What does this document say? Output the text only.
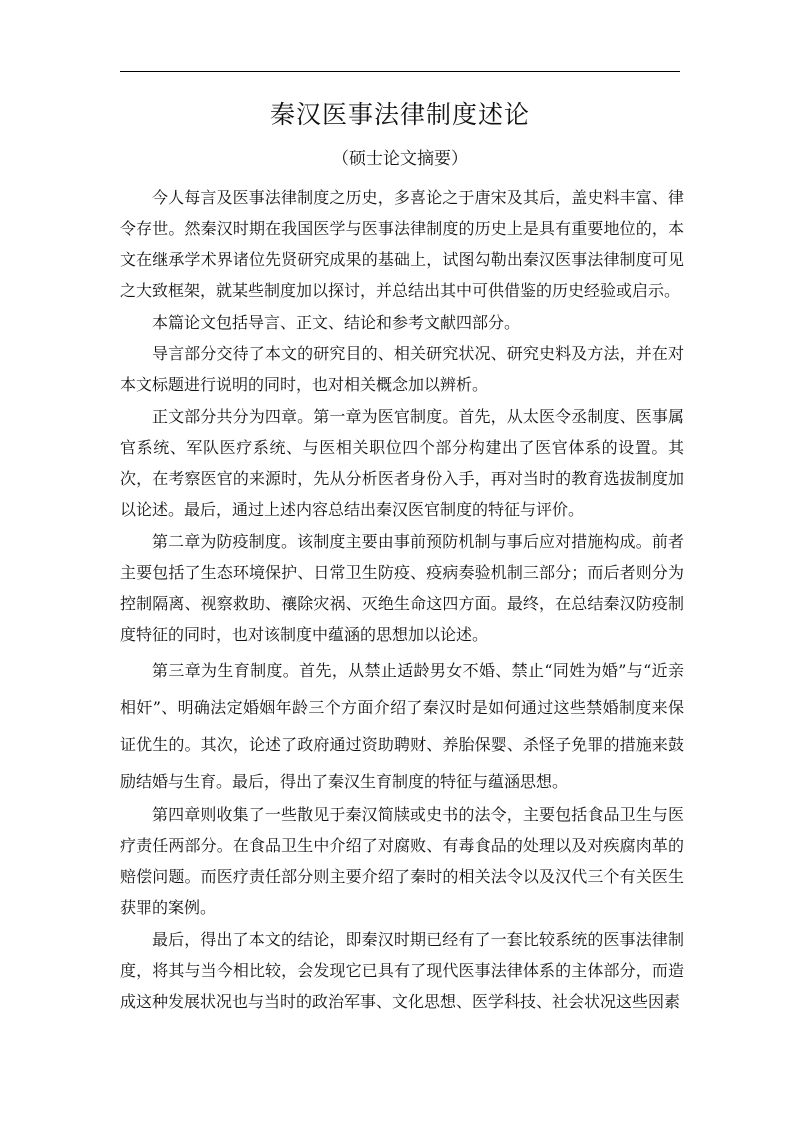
秦汉医事法律制度述论
（硕士论文摘要）

今人每言及医事法律制度之历史，多喜论之于唐宋及其后，盖史料丰富、律令存世。然秦汉时期在我国医学与医事法律制度的历史上是具有重要地位的，本文在继承学术界诸位先贤研究成果的基础上，试图勾勒出秦汉医事法律制度可见之大致框架，就某些制度加以探讨，并总结出其中可供借鉴的历史经验或启示。

本篇论文包括导言、正文、结论和参考文献四部分。

导言部分交待了本文的研究目的、相关研究状况、研究史料及方法，并在对本文标题进行说明的同时，也对相关概念加以辨析。

正文部分共分为四章。第一章为医官制度。首先，从太医令丞制度、医事属官系统、军队医疗系统、与医相关职位四个部分构建出了医官体系的设置。其次，在考察医官的来源时，先从分析医者身份入手，再对当时的教育选拔制度加以论述。最后，通过上述内容总结出秦汉医官制度的特征与评价。

第二章为防疫制度。该制度主要由事前预防机制与事后应对措施构成。前者主要包括了生态环境保护、日常卫生防疫、疫病奏验机制三部分；而后者则分为控制隔离、视察救助、禳除灾祸、灭绝生命这四方面。最终，在总结秦汉防疫制度特征的同时，也对该制度中蕴涵的思想加以论述。

第三章为生育制度。首先，从禁止适龄男女不婚、禁止“同姓为婚”与“近亲相奸”、明确法定婚姻年龄三个方面介绍了秦汉时是如何通过这些禁婚制度来保证优生的。其次，论述了政府通过资助聘财、养胎保婴、杀怪子免罪的措施来鼓励结婚与生育。最后，得出了秦汉生育制度的特征与蕴涵思想。

第四章则收集了一些散见于秦汉简牍或史书的法令，主要包括食品卫生与医疗责任两部分。在食品卫生中介绍了对腐败、有毒食品的处理以及对疾腐肉革的赔偿问题。而医疗责任部分则主要介绍了秦时的相关法令以及汉代三个有关医生获罪的案例。

最后，得出了本文的结论，即秦汉时期已经有了一套比较系统的医事法律制度，将其与当今相比较，会发现它已具有了现代医事法律体系的主体部分，而造成这种发展状况也与当时的政治军事、文化思想、医学科技、社会状况这些因素
